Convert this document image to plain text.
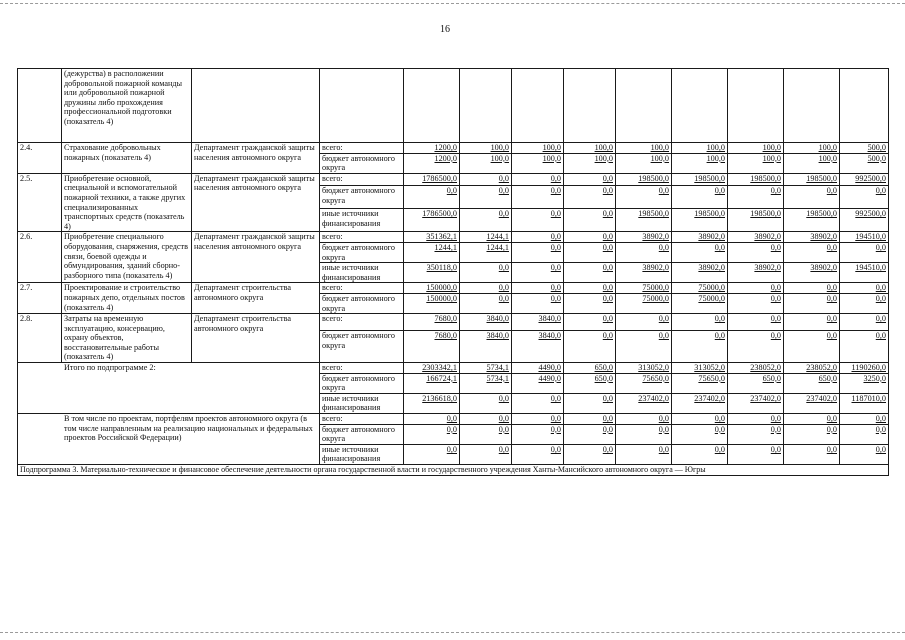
16
	(дежурства) в расположении добровольной пожарной команды или добровольной пожарной дружины либо прохождения профессиональной подготовки (показатель 4)											
2.4.	Страхование добровольных пожарных (показатель 4)	Департамент гражданской защиты населения автономного округа	всего:	1200,0	100,0	100,0	100,0	100,0	100,0	100,0	100,0	500,0
			бюджет автономного округа	1200,0	100,0	100,0	100,0	100,0	100,0	100,0	100,0	500,0
2.5.	Приобретение основной, специальной и вспомогательной пожарной техники, а также других специализированных транспортных средств (показатель 4)	Департамент гражданской защиты населения автономного округа	всего:	1786500,0	0,0	0,0	0,0	198500,0	198500,0	198500,0	198500,0	992500,0
			бюджет автономного округа	0,0	0,0	0,0	0,0	0,0	0,0	0,0	0,0	0,0
			иные источники финансирования	1786500,0	0,0	0,0	0,0	198500,0	198500,0	198500,0	198500,0	992500,0
2.6.	Приобретение специального оборудования, снаряжения, средств связи, боевой одежды и обмундирования, зданий сборно-разборного типа (показатель 4)	Департамент гражданской защиты населения автономного округа	всего:	351362,1	1244,1	0,0	0,0	38902,0	38902,0	38902,0	38902,0	194510,0
			бюджет автономного округа	1244,1	1244,1	0,0	0,0	0,0	0,0	0,0	0,0	0,0
			иные источники финансирования	350118,0	0,0	0,0	0,0	38902,0	38902,0	38902,0	38902,0	194510,0
2.7.	Проектирование и строительство пожарных депо, отдельных постов (показатель 4)	Департамент строительства автономного округа	всего:	150000,0	0,0	0,0	0,0	75000,0	75000,0	0,0	0,0	0,0
			бюджет автономного округа	150000,0	0,0	0,0	0,0	75000,0	75000,0	0,0	0,0	0,0
2.8.	Затраты на временную эксплуатацию, консервацию, охрану объектов, восстановительные работы (показатель 4)	Департамент строительства автономного округа	всего:	7680,0	3840,0	3840,0	0,0	0,0	0,0	0,0	0,0	0,0
			бюджет автономного округа	7680,0	3840,0	3840,0	0,0	0,0	0,0	0,0	0,0	0,0
Итого по подпрограмме 2:			всего:	2303342,1	5734,1	4490,0	650,0	313052,0	313052,0	238052,0	238052,0	1190260,0
			бюджет автономного округа	166724,1	5734,1	4490,0	650,0	75650,0	75650,0	650,0	650,0	3250,0
			иные источники финансирования	2136618,0	0,0	0,0	0,0	237402,0	237402,0	237402,0	237402,0	1187010,0
В том числе по проектам, портфелям проектов автономного округа (в том числе направленным на реализацию национальных и федеральных проектов Российской Федерации)			всего:	0,0	0,0	0,0	0,0	0,0	0,0	0,0	0,0	0,0
			бюджет автономного округа	0,0	0,0	0,0	0,0	0,0	0,0	0,0	0,0	0,0
			иные источники финансирования	0,0	0,0	0,0	0,0	0,0	0,0	0,0	0,0	0,0
Подпрограмма 3. Материально-техническое и финансовое обеспечение деятельности органа государственной власти и государственного учреждения Ханты-Мансийского автономного округа — Югры												
